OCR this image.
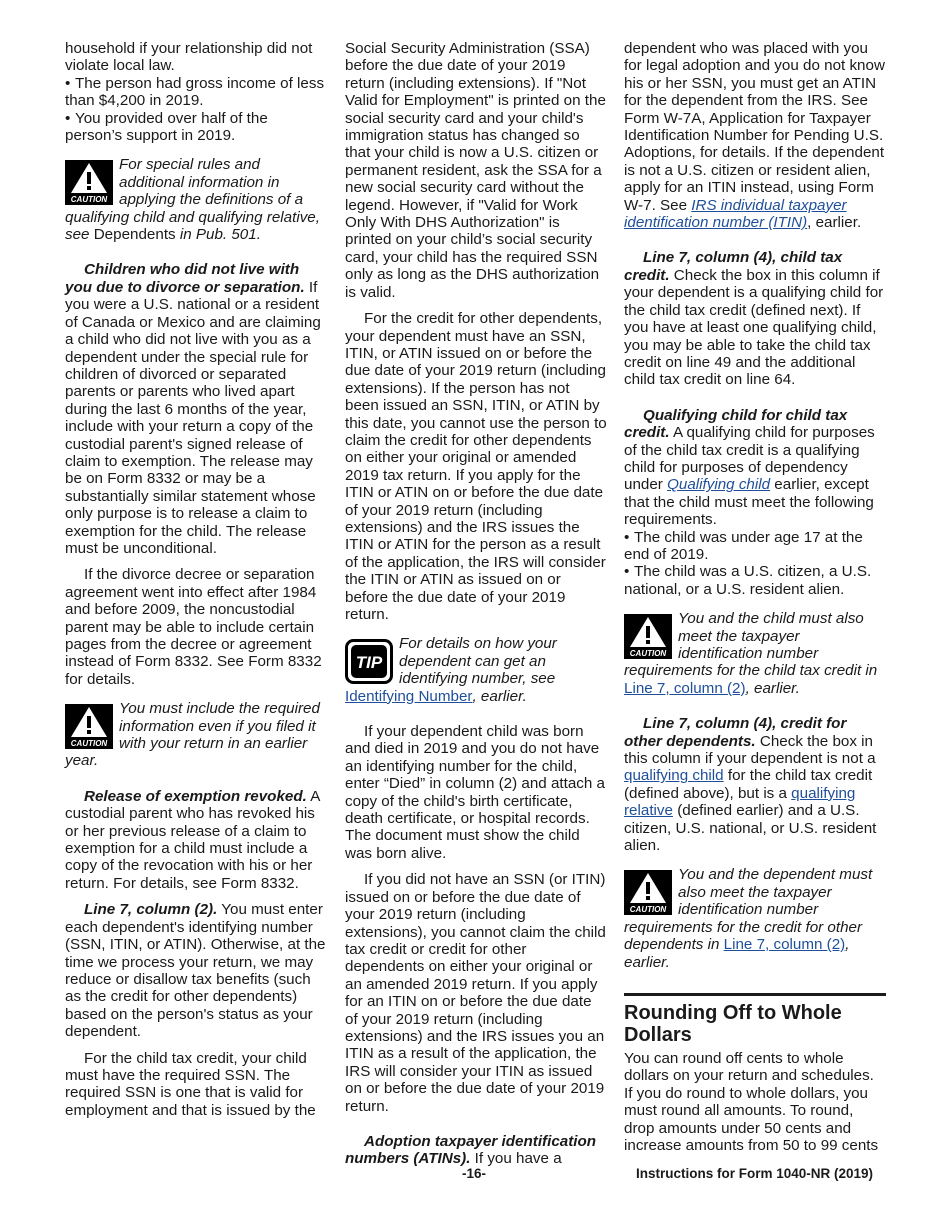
household if your relationship did not violate local law.

• The person had gross income of less than $4,200 in 2019.

• You provided over half of the person’s support in 2019.

CAUTION
For special rules and additional information in applying the definitions of a qualifying child and qualifying relative, see Dependents in Pub. 501.

Children who did not live with you due to divorce or separation. If you were a U.S. national or a resident of Canada or Mexico and are claiming a child who did not live with you as a dependent under the special rule for children of divorced or separated parents or parents who lived apart during the last 6 months of the year, include with your return a copy of the custodial parent's signed release of claim to exemption. The release may be on Form 8332 or may be a substantially similar statement whose only purpose is to release a claim to exemption for the child. The release must be unconditional.

If the divorce decree or separation agreement went into effect after 1984 and before 2009, the noncustodial parent may be able to include certain pages from the decree or agreement instead of Form 8332. See Form 8332 for details.

CAUTION
You must include the required information even if you filed it with your return in an earlier year.

Release of exemption revoked. A custodial parent who has revoked his or her previous release of a claim to exemption for a child must include a copy of the revocation with his or her return. For details, see Form 8332.

Line 7, column (2). You must enter each dependent's identifying number (SSN, ITIN, or ATIN). Otherwise, at the time we process your return, we may reduce or disallow tax benefits (such as the credit for other dependents) based on the person's status as your dependent.

For the child tax credit, your child must have the required SSN. The required SSN is one that is valid for employment and that is issued by the

Social Security Administration (SSA) before the due date of your 2019 return (including extensions). If "Not Valid for Employment" is printed on the social security card and your child's immigration status has changed so that your child is now a U.S. citizen or permanent resident, ask the SSA for a new social security card without the legend. However, if "Valid for Work Only With DHS Authorization" is printed on your child’s social security card, your child has the required SSN only as long as the DHS authorization is valid.

For the credit for other dependents, your dependent must have an SSN, ITIN, or ATIN issued on or before the due date of your 2019 return (including extensions). If the person has not been issued an SSN, ITIN, or ATIN by this date, you cannot use the person to claim the credit for other dependents on either your original or amended 2019 tax return. If you apply for the ITIN or ATIN on or before the due date of your 2019 return (including extensions) and the IRS issues the ITIN or ATIN for the person as a result of the application, the IRS will consider the ITIN or ATIN as issued on or before the due date of your 2019 return.

TIP
For details on how your dependent can get an identifying number, see Identifying Number, earlier.

If your dependent child was born and died in 2019 and you do not have an identifying number for the child, enter “Died” in column (2) and attach a copy of the child's birth certificate, death certificate, or hospital records. The document must show the child was born alive.

If you did not have an SSN (or ITIN) issued on or before the due date of your 2019 return (including extensions), you cannot claim the child tax credit or credit for other dependents on either your original or an amended 2019 return. If you apply for an ITIN on or before the due date of your 2019 return (including extensions) and the IRS issues you an ITIN as a result of the application, the IRS will consider your ITIN as issued on or before the due date of your 2019 return.

Adoption taxpayer identification numbers (ATINs). If you have a

dependent who was placed with you for legal adoption and you do not know his or her SSN, you must get an ATIN for the dependent from the IRS. See Form W-7A, Application for Taxpayer Identification Number for Pending U.S. Adoptions, for details. If the dependent is not a U.S. citizen or resident alien, apply for an ITIN instead, using Form W-7. See IRS individual taxpayer identification number (ITIN), earlier.

Line 7, column (4), child tax credit. Check the box in this column if your dependent is a qualifying child for the child tax credit (defined next). If you have at least one qualifying child, you may be able to take the child tax credit on line 49 and the additional child tax credit on line 64.

Qualifying child for child tax credit. A qualifying child for purposes of the child tax credit is a qualifying child for purposes of dependency under Qualifying child earlier, except that the child must meet the following requirements.

• The child was under age 17 at the end of 2019.

• The child was a U.S. citizen, a U.S. national, or a U.S. resident alien.

CAUTION
You and the child must also meet the taxpayer identification number requirements for the child tax credit in Line 7, column (2), earlier.

Line 7, column (4), credit for other dependents. Check the box in this column if your dependent is not a qualifying child for the child tax credit (defined above), but is a qualifying relative (defined earlier) and a U.S. citizen, U.S. national, or U.S. resident alien.

CAUTION
You and the dependent must also meet the taxpayer identification number requirements for the credit for other dependents in Line 7, column (2), earlier.
Rounding Off to Whole Dollars

You can round off cents to whole dollars on your return and schedules. If you do round to whole dollars, you must round all amounts. To round, drop amounts under 50 cents and increase amounts from 50 to 99 cents

-16-	Instructions for Form 1040-NR (2019)
